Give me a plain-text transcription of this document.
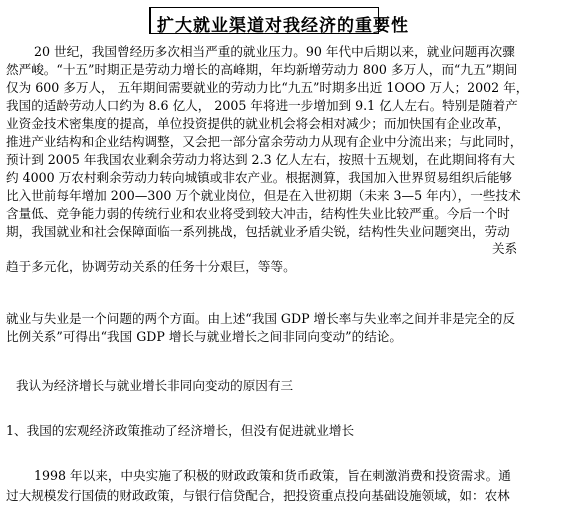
扩大就业渠道对我经济的重要性
20 世纪，我国曾经历多次相当严重的就业压力。90 年代中后期以来，就业问题再次骤
然严峻。“十五”时期正是劳动力增长的高峰期，年均新增劳动力 800 多万人，而“九五”期间
仅为 600 多万人， 五年期间需要就业的劳动力比“九五”时期多出近 1OOO 万人；2002 年，
我国的适龄劳动人口约为 8.6 亿人， 2005 年将进一步增加到 9.1 亿人左右。特别是随着产
业资金技术密集度的提高，单位投资提供的就业机会将会相对减少；而加快国有企业改革，
推进产业结构和企业结构调整，又会把一部分富余劳动力从现有企业中分流出来；与此同时，
预计到 2005 年我国农业剩余劳动力将达到 2.3 亿人左右，按照十五规划，在此期间将有大
约 4000 万农村剩余劳动力转向城镇或非农产业。根据测算，我国加入世界贸易组织后能够
比入世前每年增加 200—300 万个就业岗位，但是在入世初期（未来 3—5 年内），一些技术
含量低、竞争能力弱的传统行业和农业将受到较大冲击，结构性失业比较严重。今后一个时
期，我国就业和社会保障面临一系列挑战，包括就业矛盾尖锐，结构性失业问题突出，劳动
关系
趋于多元化，协调劳动关系的任务十分艰巨，等等。
就业与失业是一个问题的两个方面。由上述“我国 GDP 增长率与失业率之间并非是完全的反
比例关系”可得出“我国 GDP 增长与就业增长之间非同向变动”的结论。
我认为经济增长与就业增长非同向变动的原因有三
1、我国的宏观经济政策推动了经济增长，但没有促进就业增长
1998 年以来，中央实施了积极的财政政策和货币政策，旨在刺激消费和投资需求。通
过大规模发行国债的财政政策，与银行信贷配合，把投资重点投向基础设施领域，如：农林
